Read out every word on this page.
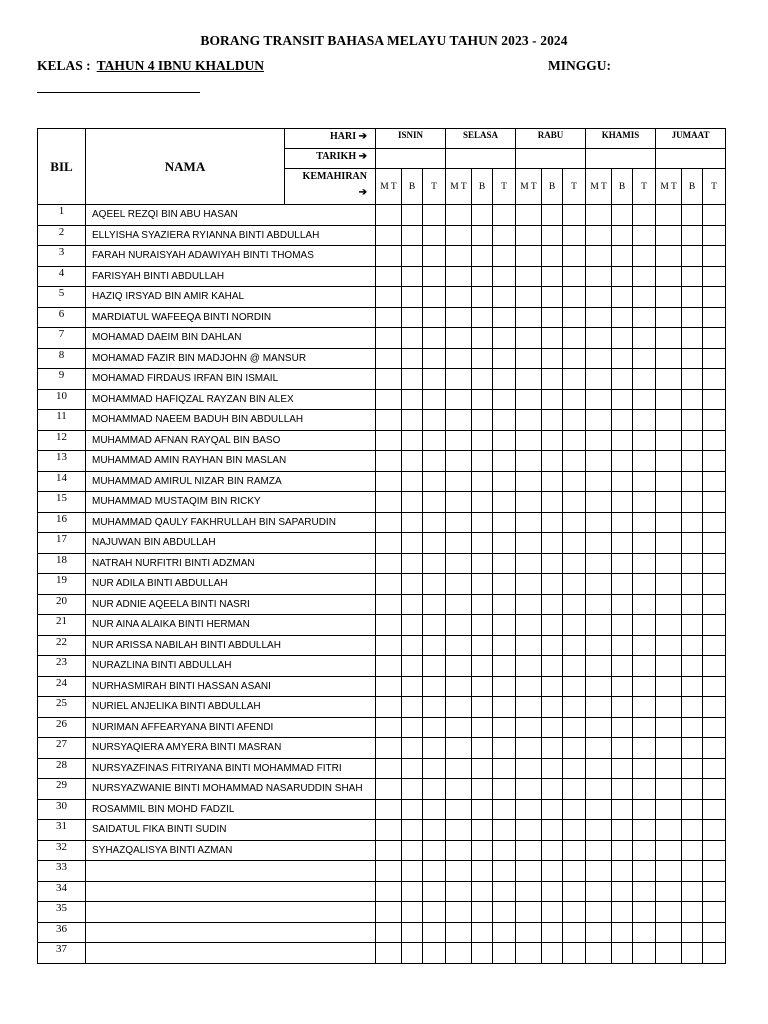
BORANG TRANSIT BAHASA MELAYU TAHUN 2023 - 2024
KELAS : TAHUN 4 IBNU KHALDUN	MINGGU:
BIL	NAMA	HARI ➔	ISNIN			SELASA			RABU			KHAMIS			JUMAAT		
		TARIKH ➔															

		KEMAHIRAN
➔	M T	B	T	M T	B	T	M T	B	T	M T	B	T	M T	B	T
1	AQEEL REZQI BIN ABU HASAN																
2	ELLYISHA SYAZIERA RYIANNA BINTI ABDULLAH																
3	FARAH NURAISYAH ADAWIYAH BINTI THOMAS																
4	FARISYAH BINTI ABDULLAH																
5	HAZIQ IRSYAD BIN AMIR KAHAL																
6	MARDIATUL WAFEEQA BINTI NORDIN																
7	MOHAMAD DAEIM BIN DAHLAN																
8	MOHAMAD FAZIR BIN MADJOHN @ MANSUR																
9	MOHAMAD FIRDAUS IRFAN BIN ISMAIL																
10	MOHAMMAD HAFIQZAL RAYZAN BIN ALEX																
11	MOHAMMAD NAEEM BADUH BIN ABDULLAH																
12	MUHAMMAD AFNAN RAYQAL BIN BASO																
13	MUHAMMAD AMIN RAYHAN BIN MASLAN																
14	MUHAMMAD AMIRUL NIZAR BIN RAMZA																
15	MUHAMMAD MUSTAQIM BIN RICKY																
16	MUHAMMAD QAULY FAKHRULLAH BIN SAPARUDIN																
17	NAJUWAN BIN ABDULLAH																
18	NATRAH NURFITRI BINTI ADZMAN																
19	NUR ADILA BINTI ABDULLAH																
20	NUR ADNIE AQEELA BINTI NASRI																
21	NUR AINA ALAIKA BINTI HERMAN																
22	NUR ARISSA NABILAH BINTI ABDULLAH																
23	NURAZLINA BINTI ABDULLAH																
24	NURHASMIRAH BINTI HASSAN ASANI																
25	NURIEL ANJELIKA BINTI ABDULLAH																
26	NURIMAN AFFEARYANA BINTI AFENDI																
27	NURSYAQIERA AMYERA BINTI MASRAN																
28	NURSYAZFINAS FITRIYANA BINTI MOHAMMAD FITRI																
29	NURSYAZWANIE BINTI MOHAMMAD NASARUDDIN SHAH																
30	ROSAMMIL BIN MOHD FADZIL																
31	SAIDATUL FIKA BINTI SUDIN																
32	SYHAZQALISYA BINTI AZMAN																
33																	
34																	
35																	
36																	
37																	
